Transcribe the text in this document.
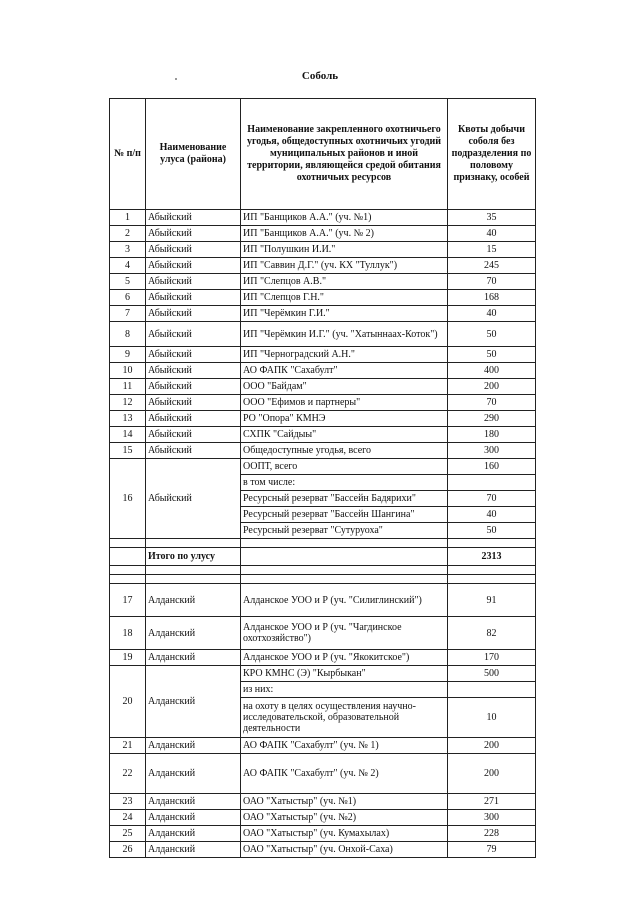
Соболь
№ п/п	Наименование улуса (района)	Наименование закрепленного охотничьего угодья, общедоступных охотничьих угодий муниципальных районов и иной территории, являющейся средой обитания охотничьих ресурсов	Квоты добычи соболя без подразделения по половому признаку, особей
1	Абыйский	ИП "Банщиков А.А." (уч. №1)	35
2	Абыйский	ИП "Банщиков А.А." (уч. № 2)	40
3	Абыйский	ИП "Полушкин И.И."	15
4	Абыйский	ИП "Саввин Д.Г." (уч. КХ "Туллук")	245
5	Абыйский	ИП "Слепцов А.В."	70
6	Абыйский	ИП "Слепцов Г.Н."	168
7	Абыйский	ИП "Черёмкин Г.И."	40
8	Абыйский	ИП "Черёмкин И.Г." (уч. "Хатыннаах-Коток")	50
9	Абыйский	ИП "Черноградский А.Н."	50
10	Абыйский	АО ФАПК "Сахабулт"	400
11	Абыйский	ООО "Байдам"	200
12	Абыйский	ООО "Ефимов и партнеры"	70
13	Абыйский	РО "Опора" КМНЭ	290
14	Абыйский	СХПК "Сайдыы"	180
15	Абыйский	Общедоступные угодья, всего	300
16	Абыйский	ООПТ, всего	160
		в том числе:	
		Ресурсный резерват "Бассейн Бадярихи"	70
		Ресурсный резерват "Бассейн Шангина"	40
		Ресурсный резерват "Сутуруоха"	50

	Итого по улусу		2313

17	Алданский	Алданское УОО и Р (уч. "Силиглинский")	91
18	Алданский	Алданское УОО и Р (уч. "Чагдинское охотхозяйство")	82
19	Алданский	Алданское УОО и Р (уч. "Якокитское")	170
20	Алданский	КРО КМНС (Э) "Кырбыкан"	500
		из них:	
		на охоту в целях осуществления научно-исследовательской, образовательной деятельности	10
21	Алданский	АО ФАПК "Сахабулт" (уч. № 1)	200
22	Алданский	АО ФАПК "Сахабулт" (уч. № 2)	200
23	Алданский	ОАО "Хатыстыр" (уч. №1)	271
24	Алданский	ОАО "Хатыстыр" (уч. №2)	300
25	Алданский	ОАО "Хатыстыр" (уч. Кумахылах)	228
26	Алданский	ОАО "Хатыстыр" (уч. Онхой-Саха)	79
